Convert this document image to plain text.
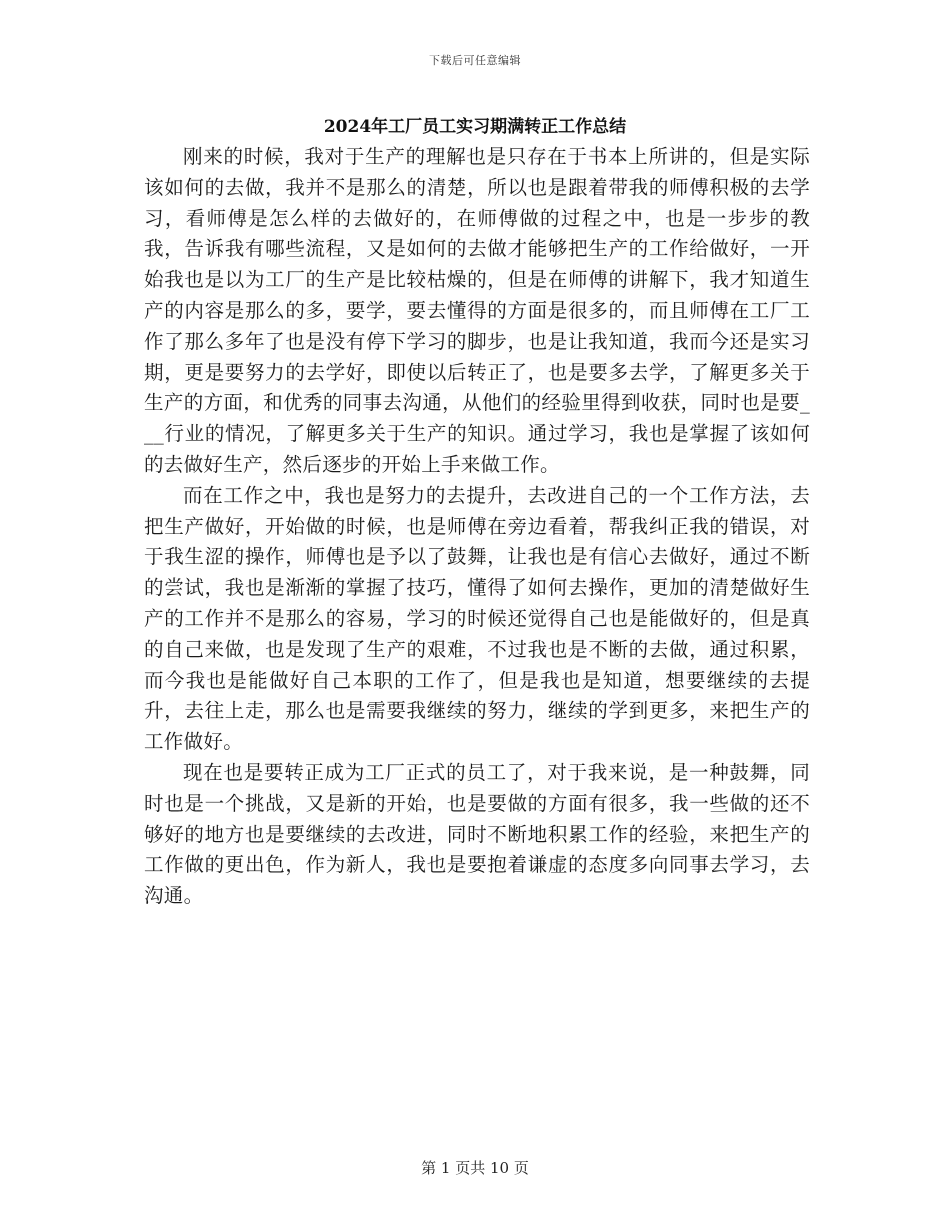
下载后可任意编辑
2024年工厂员工实习期满转正工作总结

刚来的时候，我对于生产的理解也是只存在于书本上所讲的，但是实际该如何的去做，我并不是那么的清楚，所以也是跟着带我的师傅积极的去学习，看师傅是怎么样的去做好的，在师傅做的过程之中，也是一步步的教我，告诉我有哪些流程，又是如何的去做才能够把生产的工作给做好，一开始我也是以为工厂的生产是比较枯燥的，但是在师傅的讲解下，我才知道生产的内容是那么的多，要学，要去懂得的方面是很多的，而且师傅在工厂工作了那么多年了也是没有停下学习的脚步，也是让我知道，我而今还是实习期，更是要努力的去学好，即使以后转正了，也是要多去学，了解更多关于生产的方面，和优秀的同事去沟通，从他们的经验里得到收获，同时也是要___行业的情况，了解更多关于生产的知识。通过学习，我也是掌握了该如何的去做好生产，然后逐步的开始上手来做工作。

而在工作之中，我也是努力的去提升，去改进自己的一个工作方法，去把生产做好，开始做的时候，也是师傅在旁边看着，帮我纠正我的错误，对于我生涩的操作，师傅也是予以了鼓舞，让我也是有信心去做好，通过不断的尝试，我也是渐渐的掌握了技巧，懂得了如何去操作，更加的清楚做好生产的工作并不是那么的容易，学习的时候还觉得自己也是能做好的，但是真的自己来做，也是发现了生产的艰难，不过我也是不断的去做，通过积累，而今我也是能做好自己本职的工作了，但是我也是知道，想要继续的去提升，去往上走，那么也是需要我继续的努力，继续的学到更多，来把生产的工作做好。

现在也是要转正成为工厂正式的员工了，对于我来说，是一种鼓舞，同时也是一个挑战，又是新的开始，也是要做的方面有很多，我一些做的还不够好的地方也是要继续的去改进，同时不断地积累工作的经验，来把生产的工作做的更出色，作为新人，我也是要抱着谦虚的态度多向同事去学习，去沟通。

第 1 页共 10 页
